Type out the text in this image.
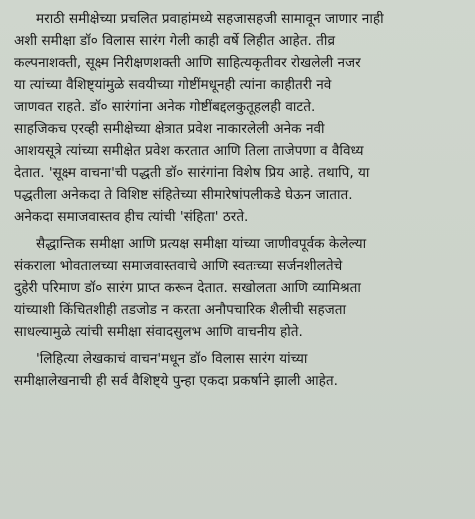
मराठी समीक्षेच्या प्रचलित प्रवाहांमध्ये सहजासहजी सामावून जाणार नाही
अशी समीक्षा डॉ० विलास सारंग गेली काही वर्षे लिहीत आहेत. तीव्र
कल्पनाशक्ती, सूक्ष्म निरीक्षणशक्ती आणि साहित्यकृतीवर रोखलेली नजर
या त्यांच्या वैशिष्ट्यांमुळे सवयीच्या गोष्टींमधूनही त्यांना काहीतरी नवे
जाणवत राहते. डॉ० सारंगांना अनेक गोष्टींबद्दलकुतूहलही वाटते.
साहजिकच एरव्ही समीक्षेच्या क्षेत्रात प्रवेश नाकारलेली अनेक नवी
आशयसूत्रे त्यांच्या समीक्षेत प्रवेश करतात आणि तिला ताजेपणा व वैविध्य
देतात. 'सूक्ष्म वाचना'ची पद्धती डॉ० सारंगांना विशेष प्रिय आहे. तथापि, या
पद्धतीला अनेकदा ते विशिष्ट संहितेच्या सीमारेषांपलीकडे घेऊन जातात.
अनेकदा समाजवास्तव हीच त्यांची 'संहिता' ठरते.
सैद्धान्तिक समीक्षा आणि प्रत्यक्ष समीक्षा यांच्या जाणीवपूर्वक केलेल्या
संकराला भोवतालच्या समाजवास्तवाचे आणि स्वतःच्या सर्जनशीलतेचे
दुहेरी परिमाण डॉ० सारंग प्राप्त करून देतात. सखोलता आणि व्यामिश्रता
यांच्याशी किंचितशीही तडजोड न करता अनौपचारिक शैलीची सहजता
साधल्यामुळे त्यांची समीक्षा संवादसुलभ आणि वाचनीय होते.
'लिहित्या लेखकाचं वाचन'मधून डॉ० विलास सारंग यांच्या
समीक्षालेखनाची ही सर्व वैशिष्ट्ये पुन्हा एकदा प्रकर्षाने झाली आहेत.
